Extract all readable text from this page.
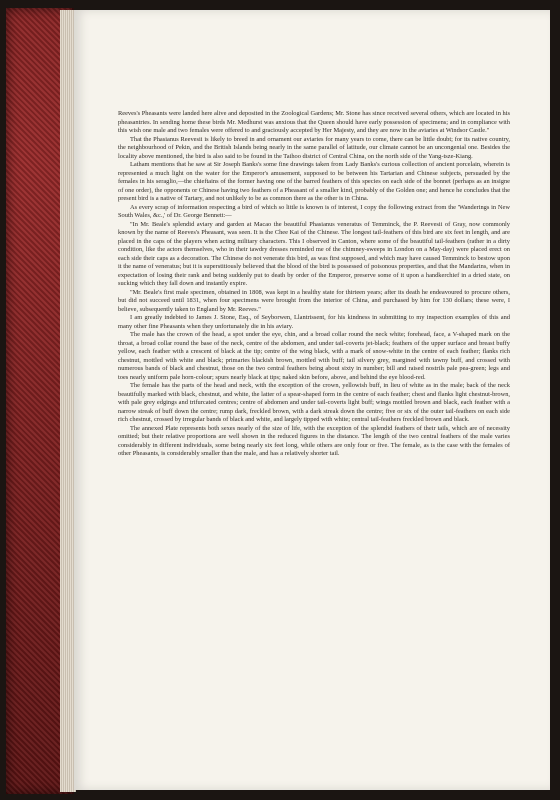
Reeves's Pheasants were landed here alive and deposited in the Zoological Gardens; Mr. Stone has since received several others, which are located in his pheasantries. In sending home these birds Mr. Medhurst was anxious that the Queen should have early possession of specimens; and in compliance with this wish one male and two females were offered to and graciously accepted by Her Majesty, and they are now in the aviaries at Windsor Castle."

That the Phasianus Reevesii is likely to breed in and ornament our aviaries for many years to come, there can be little doubt; for its native country, the neighbourhood of Pekin, and the British Islands being nearly in the same parallel of latitude, our climate cannot be an uncongenial one. Besides the locality above mentioned, the bird is also said to be found in the Taihoo district of Central China, on the north side of the Yang-tsze-Kiang.

Latham mentions that he saw at Sir Joseph Banks's some fine drawings taken from Lady Banks's curious collection of ancient porcelain, wherein is represented a much light on the water for the Emperor's amusement, supposed to be between his Tartarian and Chinese subjects, persuaded by the females in his seraglio,—the chieftains of the former having one of the barred feathers of this species on each side of the bonnet (perhaps as an insigne of one order), the opponents or Chinese having two feathers of a Pheasant of a smaller kind, probably of the Golden one; and hence he concludes that the present bird is a native of Tartary, and not unlikely to be as common there as the other is in China.

As every scrap of information respecting a bird of which so little is known is of interest, I copy the following extract from the 'Wanderings in New South Wales, &c.,' of Dr. George Bennett:—

"In Mr. Beale's splendid aviary and garden at Macao the beautiful Phasianus veneratus of Temminck, the P. Reevesii of Gray, now commonly known by the name of Reeves's Pheasant, was seen. It is the Chee Kai of the Chinese. The longest tail-feathers of this bird are six feet in length, and are placed in the caps of the players when acting military characters. This I observed in Canton, where some of the beautiful tail-feathers (rather in a dirty condition, like the actors themselves, who in their tawdry dresses reminded me of the chimney-sweeps in London on a May-day) were placed erect on each side their caps as a decoration. The Chinese do not venerate this bird, as was first supposed, and which may have caused Temminck to bestow upon it the name of veneratus; but it is superstitiously believed that the blood of the bird is possessed of poisonous properties, and that the Mandarins, when in expectation of losing their rank and being suddenly put to death by order of the Emperor, preserve some of it upon a handkerchief in a dried state, on sucking which they fall down and instantly expire.

"Mr. Beale's first male specimen, obtained in 1808, was kept in a healthy state for thirteen years; after its death he endeavoured to procure others, but did not succeed until 1831, when four specimens were brought from the interior of China, and purchased by him for 130 dollars; these were, I believe, subsequently taken to England by Mr. Reeves."

I am greatly indebted to James J. Stone, Esq., of Seyborwen, Llantrissent, for his kindness in submitting to my inspection examples of this and many other fine Pheasants when they unfortunately die in his aviary.

The male has the crown of the head, a spot under the eye, chin, and a broad collar round the neck white; forehead, face, a V-shaped mark on the throat, a broad collar round the base of the neck, centre of the abdomen, and under tail-coverts jet-black; feathers of the upper surface and breast buffy yellow, each feather with a crescent of black at the tip; centre of the wing black, with a mark of snow-white in the centre of each feather; flanks rich chestnut, mottled with white and black; primaries blackish brown, mottled with buff; tail silvery grey, margined with tawny buff, and crossed with numerous bands of black and chestnut, those on the two central feathers being about sixty in number; bill and raised nostrils pale pea-green; legs and toes nearly uniform pale horn-colour; spurs nearly black at tips; naked skin before, above, and behind the eye blood-red.

The female has the parts of the head and neck, with the exception of the crown, yellowish buff, in lieu of white as in the male; back of the neck beautifully marked with black, chestnut, and white, the latter of a spear-shaped form in the centre of each feather; chest and flanks light chestnut-brown, with pale grey edgings and trifurcated centres; centre of abdomen and under tail-coverts light buff; wings mottled brown and black, each feather with a narrow streak of buff down the centre; rump dark, freckled brown, with a dark streak down the centre; five or six of the outer tail-feathers on each side rich chestnut, crossed by irregular bands of black and white, and largely tipped with white; central tail-feathers freckled brown and black.

The annexed Plate represents both sexes nearly of the size of life, with the exception of the splendid feathers of their tails, which are of necessity omitted; but their relative proportions are well shown in the reduced figures in the distance. The length of the two central feathers of the male varies considerably in different individuals, some being nearly six feet long, while others are only four or five. The female, as is the case with the females of other Pheasants, is considerably smaller than the male, and has a relatively shorter tail.
